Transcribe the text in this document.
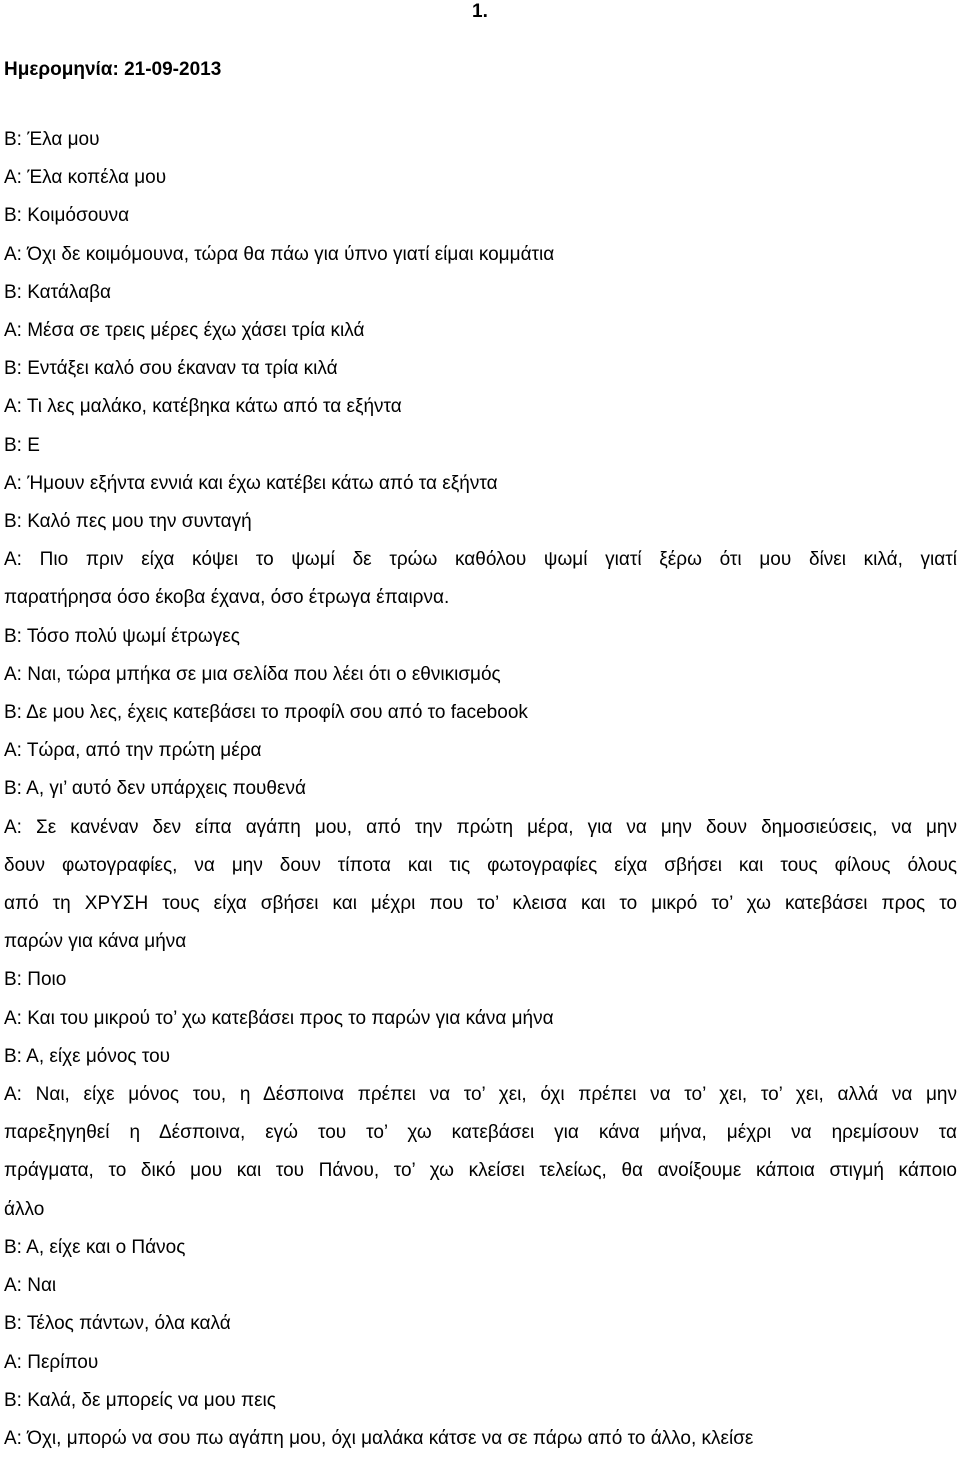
1.
Ημερομηνία: 21-09-2013

Β: Έλα μου

Α: Έλα κοπέλα μου

Β: Κοιμόσουνα

Α: Όχι δε κοιμόμουνα, τώρα θα πάω για ύπνο γιατί είμαι κομμάτια

Β: Κατάλαβα

Α: Μέσα σε τρεις μέρες έχω χάσει τρία κιλά

Β: Εντάξει καλό σου έκαναν τα τρία κιλά

Α: Τι λες μαλάκο, κατέβηκα κάτω από τα εξήντα

Β: Ε

Α: Ήμουν εξήντα εννιά και έχω κατέβει κάτω από τα εξήντα

Β: Καλό πες μου την συνταγή

Α: Πιο πριν είχα κόψει το ψωμί δε τρώω καθόλου ψωμί γιατί ξέρω ότι μου δίνει κιλά, γιατί

παρατήρησα όσο έκοβα έχανα, όσο έτρωγα έπαιρνα.

Β: Τόσο πολύ ψωμί έτρωγες

Α: Ναι, τώρα μπήκα σε μια σελίδα που λέει ότι ο εθνικισμός

Β: Δε μου λες, έχεις κατεβάσει το προφίλ σου από το facebook

Α: Τώρα, από την πρώτη μέρα

Β: Α, γι’ αυτό δεν υπάρχεις πουθενά

Α: Σε κανέναν δεν είπα αγάπη μου, από την πρώτη μέρα, για να μην δουν δημοσιεύσεις, να μην

δουν φωτογραφίες, να μην δουν τίποτα και τις φωτογραφίες είχα σβήσει και τους φίλους όλους

από τη ΧΡΥΣΗ τους είχα σβήσει και μέχρι που το’ κλεισα και το μικρό το’ χω κατεβάσει προς το

παρών για κάνα μήνα

Β: Ποιο

Α: Και του μικρού το’ χω κατεβάσει προς το παρών για κάνα μήνα

Β: Α, είχε μόνος του

Α: Ναι, είχε μόνος του, η Δέσποινα πρέπει να το’ χει, όχι πρέπει να το’ χει, το’ χει, αλλά να μην

παρεξηγηθεί η Δέσποινα, εγώ του το’ χω κατεβάσει για κάνα μήνα, μέχρι να ηρεμίσουν τα

πράγματα, το δικό μου και του Πάνου, το’ χω κλείσει τελείως, θα ανοίξουμε κάποια στιγμή κάποιο

άλλο

Β: Α, είχε και ο Πάνος

Α: Ναι

Β: Τέλος πάντων, όλα καλά

Α: Περίπου

Β: Καλά, δε μπορείς να μου πεις

Α: Όχι, μπορώ να σου πω αγάπη μου, όχι μαλάκα κάτσε να σε πάρω από το άλλο, κλείσε
